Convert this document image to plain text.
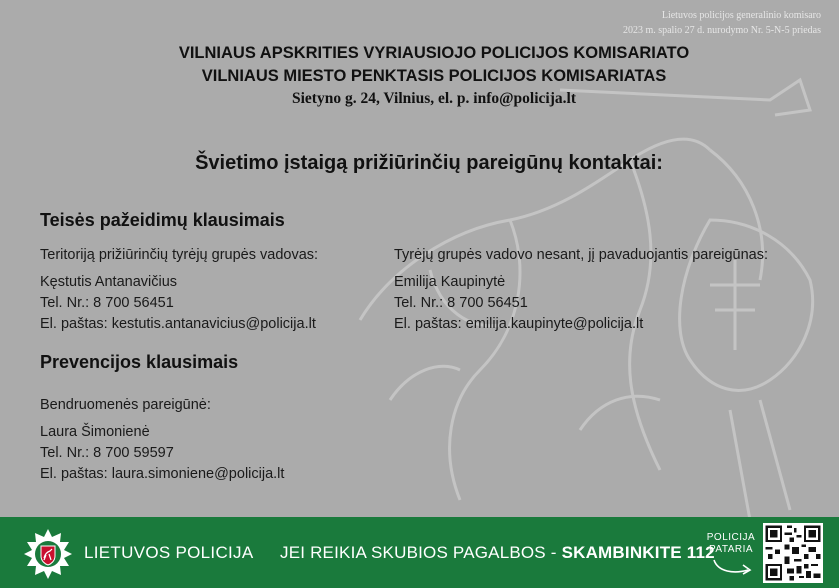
Lietuvos policijos generalinio komisaro
2023 m. spalio 27 d. nurodymo Nr. 5-N-5 priedas
VILNIAUS APSKRITIES VYRIAUSIOJO POLICIJOS KOMISARIATO
VILNIAUS MIESTO PENKTASIS POLICIJOS KOMISARIATAS
Sietyno g. 24, Vilnius, el. p. info@policija.lt
Švietimo įstaigą prižiūrinčių pareigūnų kontaktai:
Teisės pažeidimų klausimais
Teritoriją prižiūrinčių tyrėjų grupės vadovas:
Kęstutis Antanavičius
Tel. Nr.: 8 700 56451
El. paštas: kestutis.antanavicius@policija.lt
Tyrėjų grupės vadovo nesant, jį pavaduojantis pareigūnas:
Emilija Kaupinytė
Tel. Nr.: 8 700 56451
El. paštas: emilija.kaupinyte@policija.lt
Prevencijos klausimais
Bendruomenės pareigūnė:
Laura Šimonienė
Tel. Nr.: 8 700 59597
El. paštas: laura.simoniene@policija.lt
LIETUVOS POLICIJA JEI REIKIA SKUBIOS PAGALBOS - SKAMBINKITE 112
POLICIJA
PATARIA
